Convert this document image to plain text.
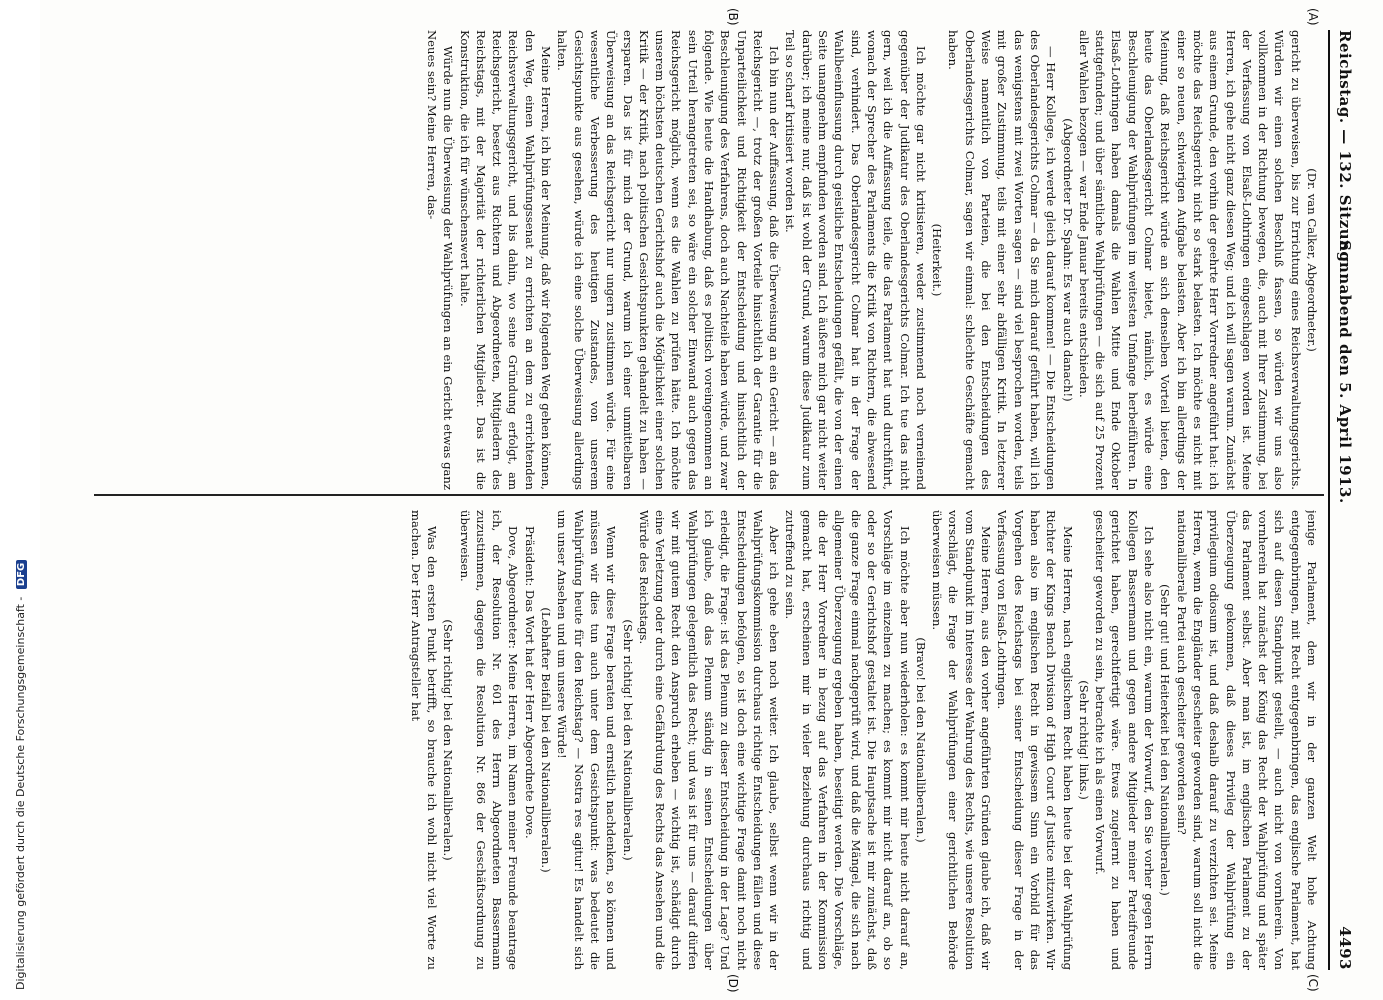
Digitalisierung gefördert durch die Deutsche Forschungsgemeinschaft - DFG
Reichstag. — 132. Sitzung.
Sonnabend den 5. April 1913.
4493
(A)
(B)
(C)
(D)

(Dr. van Calker, Abgeordneter.)

gericht zu überweisen, bis zur Errichtung eines Reichsverwaltungsgerichts. Würden wir einen solchen Beschluß fassen, so würden wir uns also vollkommen in der Richtung bewegen, die, auch mit Ihrer Zustimmung, bei der Verfassung von Elsaß-Lothringen eingeschlagen worden ist. Meine Herren, ich gehe nicht ganz diesen Weg; und ich will sagen warum. Zunächst aus einem Grunde, den vorhin der geehrte Herr Vorredner angeführt hat: ich möchte das Reichsgericht nicht so stark belasten. Ich möchte es nicht mit einer so neuen, schwierigen Aufgabe belasten. Aber ich bin allerdings der Meinung, daß Reichsgericht würde an sich denselben Vorteil bieten, den heute das Oberlandesgericht Colmar bietet, nämlich, es würde eine Beschleunigung der Wahlprüfungen im weitesten Umfange herbeiführen. In Elsaß-Lothringen haben damals die Wahlen Mitte und Ende Oktober stattgefunden; und über sämtliche Wahlprüfungen — die sich auf 25 Prozent aller Wahlen bezogen — war Ende Januar bereits entschieden.

(Abgeordneter Dr. Spahn: Es war auch danach!)

— Herr Kollege, ich werde gleich darauf kommen! — Die Entscheidungen des Oberlandesgerichts Colmar — da Sie mich darauf geführt haben, will ich das wenigstens mit zwei Worten sagen — sind viel besprochen worden, teils mit großer Zustimmung, teils mit einer sehr abfälligen Kritik. In letzterer Weise namentlich von Parteien, die bei den Entscheidungen des Oberlandesgerichts Colmar, sagen wir einmal: schlechte Geschäfte gemacht haben.

(Heiterkeit.)

Ich möchte gar nicht kritisieren, weder zustimmend noch verneinend gegenüber der Judikatur des Oberlandesgerichts Colmar. Ich tue das nicht gern, weil ich die Auffassung teile, die das Parlament hat und durchführt, wonach der Sprecher des Parlaments die Kritik von Richtern, die abwesend sind, verhindert. Das Oberlandesgericht Colmar hat in der Frage der Wahlbeeinflussung durch geistliche Entscheidungen gefällt, die von der einen Seite unangenehm empfunden worden sind. Ich äußere mich gar nicht weiter darüber; ich meine nur, daß ist wohl der Grund, warum diese Judikatur zum Teil so scharf kritisiert worden ist.

Ich bin nun der Auffassung, daß die Überweisung an ein Gericht — an das Reichsgericht —, trotz der großen Vorteile hinsichtlich der Garantie für die Unparteilichkeit und Richtigkeit der Entscheidung und hinsichtlich der Beschleunigung des Verfahrens, doch auch Nachteile haben würde, und zwar folgende. Wie heute die Handhabung, daß es politisch voreingenommen an sein Urteil herangetreten sei, so wäre ein solcher Einwand auch gegen das Reichsgericht möglich, wenn es die Wahlen zu prüfen hätte. Ich möchte unserem höchsten deutschen Gerichtshof auch die Möglichkeit einer solchen Kritik — der Kritik, nach politischen Gesichtspunkten gehandelt zu haben — ersparen. Das ist für mich der Grund, warum ich einer unmittelbaren Überweisung an das Reichsgericht nur ungern zustimmen würde. Für eine wesentliche Verbesserung des heutigen Zustandes, von unserem Gesichtspunkte aus gesehen, würde ich eine solche Überweisung allerdings halten.

Meine Herren, ich bin der Meinung, daß wir folgenden Weg gehen können, den Weg, einen Wahlprüfungssenat zu errichten an dem zu errichtenden Reichsverwaltungsgericht, und bis dahin, wo seine Gründung erfolgt, am Reichsgericht, besetzt aus Richtern und Abgeordneten, Mitgliedern des Reichstags, mit der Majorität der richterlichen Mitglieder. Das ist die Konstruktion, die ich für wünschenswert halte.

Würde nun die Überweisung der Wahlprüfungen an ein Gericht etwas ganz Neues sein? Meine Herren, das-

jenige Parlament, dem wir in der ganzen Welt hohe Achtung entgegenbringen, mit Recht entgegenbringen, das englische Parlament, hat sich auf diesen Standpunkt gestellt, — auch nicht von vornherein. Von vornherein hat zunächst der König das Recht der Wahlprüfung und später das Parlament selbst. Aber man ist, im englischen Parlament zu der Überzeugung gekommen, daß dieses Privileg der Wahlprüfung ein privilegium odiosum ist, und daß deshalb darauf zu verzichten sei. Meine Herren, wenn die Engländer gescheiter geworden sind, warum soll nicht die nationalliberale Partei auch gescheiter geworden sein?

(Sehr gut! und Heiterkeit bei den Nationalliberalen.)

Ich sehe also nicht ein, warum der Vorwurf, den Sie vorher gegen Herrn Kollegen Bassermann und gegen andere Mitglieder meiner Parteifreunde gerichtet haben, gerechtfertigt wäre. Etwas zugelernt zu haben und gescheiter geworden zu sein, betrachte ich als einen Vorwurf.

(Sehr richtig! links.)

Meine Herren, nach englischem Recht haben heute bei der Wahlprüfung Richter der Kings Bench Division of High Court of Justice mitzuwirken. Wir haben also im englischen Recht in gewissem Sinn ein Vorbild für das Vorgehen des Reichstags bei seiner Entscheidung dieser Frage in der Verfassung von Elsaß-Lothringen.

Meine Herren, aus den vorher angeführten Gründen glaube ich, daß wir vom Standpunkt im Interesse der Wahrung des Rechts, wie unsere Resolution vorschlägt, die Frage der Wahlprüfungen einer gerichtlichen Behörde überweisen müssen.

(Bravo! bei den Nationalliberalen.)

Ich möchte aber nun wiederholen: es kommt mir heute nicht darauf an, Vorschläge im einzelnen zu machen; es kommt mir nicht darauf an, ob so oder so der Gerichtshof gestaltet ist. Die Hauptsache ist mir zunächst, daß die ganze Frage einmal nachgeprüft wird, und daß die Mängel, die sich nach allgemeiner Überzeugung ergeben haben, beseitigt werden. Die Vorschläge, die der Herr Vorredner in bezug auf das Verfahren in der Kommission gemacht hat, erscheinen mir in vieler Beziehung durchaus richtig und zutreffend zu sein.

Aber ich gehe eben noch weiter. Ich glaube, selbst wenn wir in der Wahlprüfungskommission durchaus richtige Entscheidungen fällen und diese Entscheidungen befolgen, so ist doch eine wichtige Frage damit noch nicht erledigt, die Frage: ist das Plenum zu dieser Entscheidung in der Lage? Und ich glaube, daß das Plenum ständig in seinen Entscheidungen über Wahlprüfungen gelegentlich das Recht; und was ist für uns — darauf dürfen wir mit gutem Recht den Anspruch erheben — wichtig ist, schädigt durch eine Verletzung oder durch eine Gefährdung des Rechts das Ansehen und die Würde des Reichstags.

(Sehr richtig! bei den Nationalliberalen.)

Wenn wir diese Frage beraten und ernstlich nachdenken, so können und müssen wir dies tun auch unter dem Gesichtspunkt: was bedeutet die Wahlprüfung heute für den Reichstag? — Nostra res agitur! Es handelt sich um unser Ansehen und um unsere Würde!

(Lebhafter Beifall bei den Nationalliberalen.)

Präsident: Das Wort hat der Herr Abgeordnete Dove.

Dove, Abgeordneter: Meine Herren, im Namen meiner Freunde beantrage ich, der Resolution Nr. 601 des Herrn Abgeordneten Bassermann zuzustimmen, dagegen die Resolution Nr. 866 der Geschäftsordnung zu überweisen.

(Sehr richtig! bei den Nationalliberalen.)

Was den ersten Punkt betrifft, so brauche ich wohl nicht viel Worte zu machen. Der Herr Antragsteller hat
